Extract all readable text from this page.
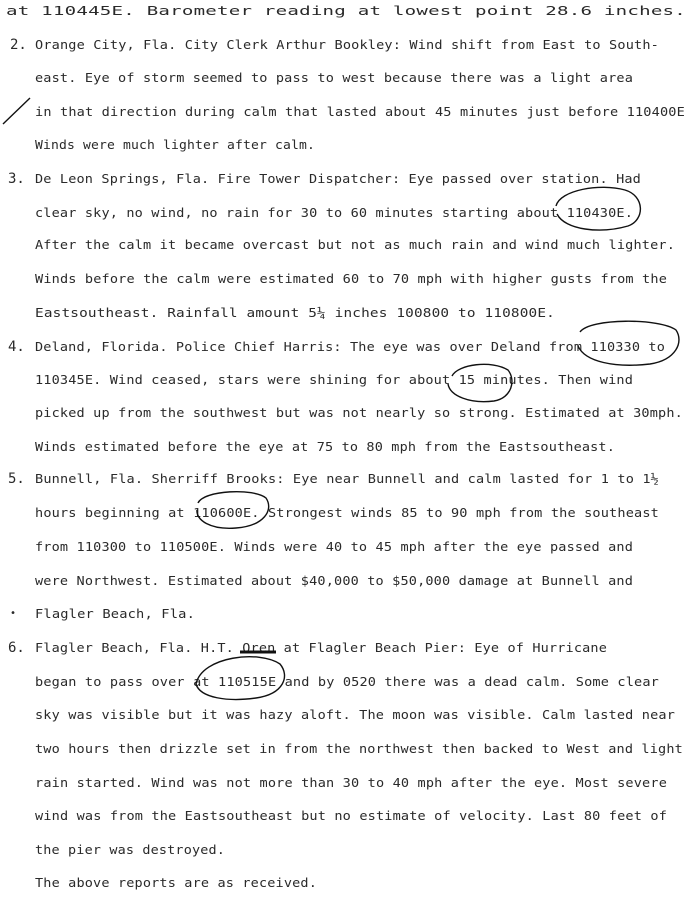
at 110445E. Barometer reading at lowest point 28.6 inches.
2. Orange City, Fla. City Clerk Arthur Bookley: Wind shift from East to South-
east. Eye of storm seemed to pass to west because there was a light area
in that direction during calm that lasted about 45 minutes just before 110400E
Winds were much lighter after calm.
3. De Leon Springs, Fla. Fire Tower Dispatcher: Eye passed over station. Had
clear sky, no wind, no rain for 30 to 60 minutes starting about 110430E.
After the calm it became overcast but not as much rain and wind much lighter.
Winds before the calm were estimated 60 to 70 mph with higher gusts from the
Eastsoutheast. Rainfall amount 5¼ inches 100800 to 110800E.
4. Deland, Florida. Police Chief Harris: The eye was over Deland from 110330 to
110345E. Wind ceased, stars were shining for about 15 minutes. Then wind
picked up from the southwest but was not nearly so strong. Estimated at 30mph.
Winds estimated before the eye at 75 to 80 mph from the Eastsoutheast.
5. Bunnell, Fla. Sherriff Brooks: Eye near Bunnell and calm lasted for 1 to 1½
hours beginning at 110600E. Strongest winds 85 to 90 mph from the southeast
from 110300 to 110500E. Winds were 40 to 45 mph after the eye passed and
were Northwest. Estimated about $40,000 to $50,000 damage at Bunnell and
• Flagler Beach, Fla.
6. Flagler Beach, Fla. H.T. Oren at Flagler Beach Pier: Eye of Hurricane
began to pass over at 110515E and by 0520 there was a dead calm. Some clear
sky was visible but it was hazy aloft. The moon was visible. Calm lasted near
two hours then drizzle set in from the northwest then backed to West and light
rain started. Wind was not more than 30 to 40 mph after the eye. Most severe
wind was from the Eastsoutheast but no estimate of velocity. Last 80 feet of
the pier was destroyed.
The above reports are as received.
